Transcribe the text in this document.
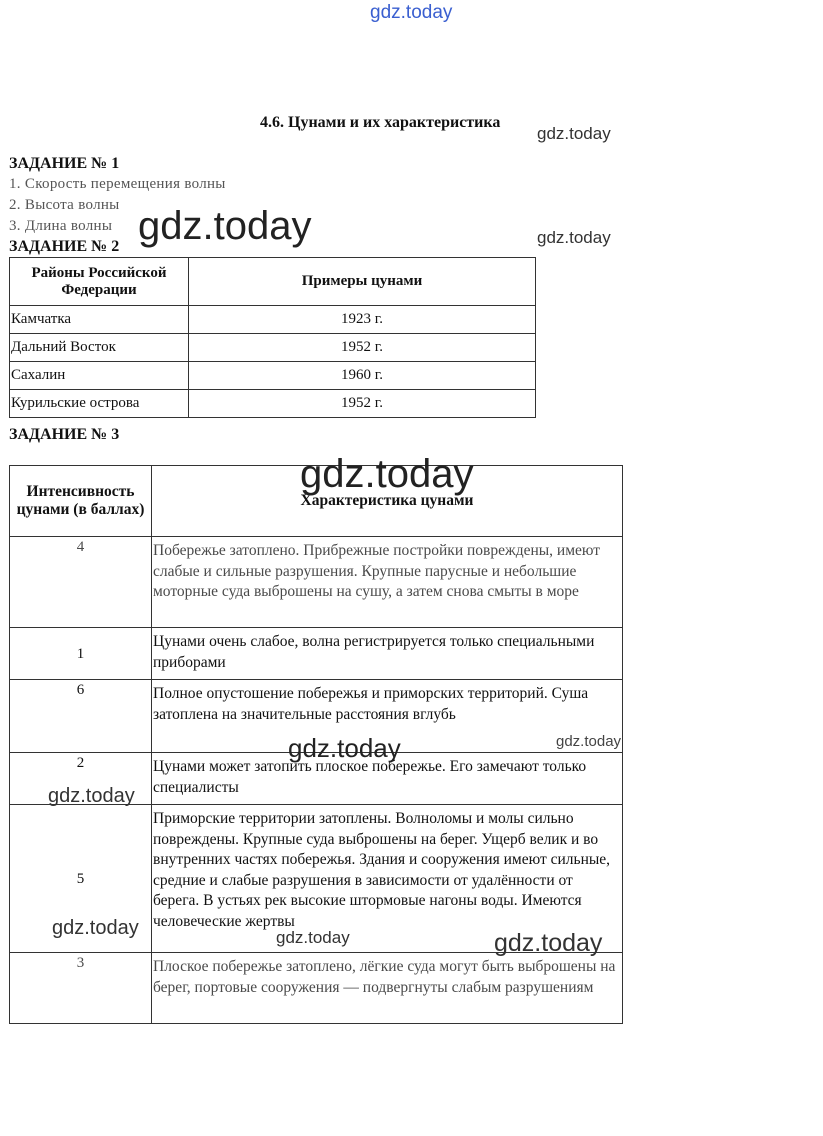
gdz.today
4.6. Цунами и их характеристика
ЗАДАНИЕ № 1
1. Скорость перемещения волны
2. Высота волны
3. Длина волны
ЗАДАНИЕ № 2
Районы Российской Федерации	Примеры цунами
Камчатка	1923 г.
Дальний Восток	1952 г.
Сахалин	1960 г.
Курильские острова	1952 г.
ЗАДАНИЕ № 3
Интенсивность цунами (в баллах)	Характеристика цунами
4	Побережье затоплено. Прибрежные постройки повреждены, имеют слабые и сильные разрушения. Крупные парусные и небольшие моторные суда выброшены на сушу, а затем снова смыты в море
1	Цунами очень слабое, волна регистрируется только специальными приборами
6	Полное опустошение побережья и приморских территорий. Суша затоплена на значительные расстояния вглубь
2	Цунами может затопить плоское побережье. Его замечают только специалисты
5	Приморские территории затоплены. Волноломы и молы сильно повреждены. Крупные суда выброшены на берег. Ущерб велик и во внутренних частях побережья. Здания и сооружения имеют сильные, средние и слабые разрушения в зависимости от удалённости от берега. В устьях рек высокие штормовые нагоны воды. Имеются человеческие жертвы
3	Плоское побережье затоплено, лёгкие суда могут быть выброшены на берег, портовые сооружения — подвергнуты слабым разрушениям
gdz.today
gdz.today	gdz.today
gdz.today
gdz.today	gdz.today
gdz.today
gdz.today	gdz.today	gdz.today
